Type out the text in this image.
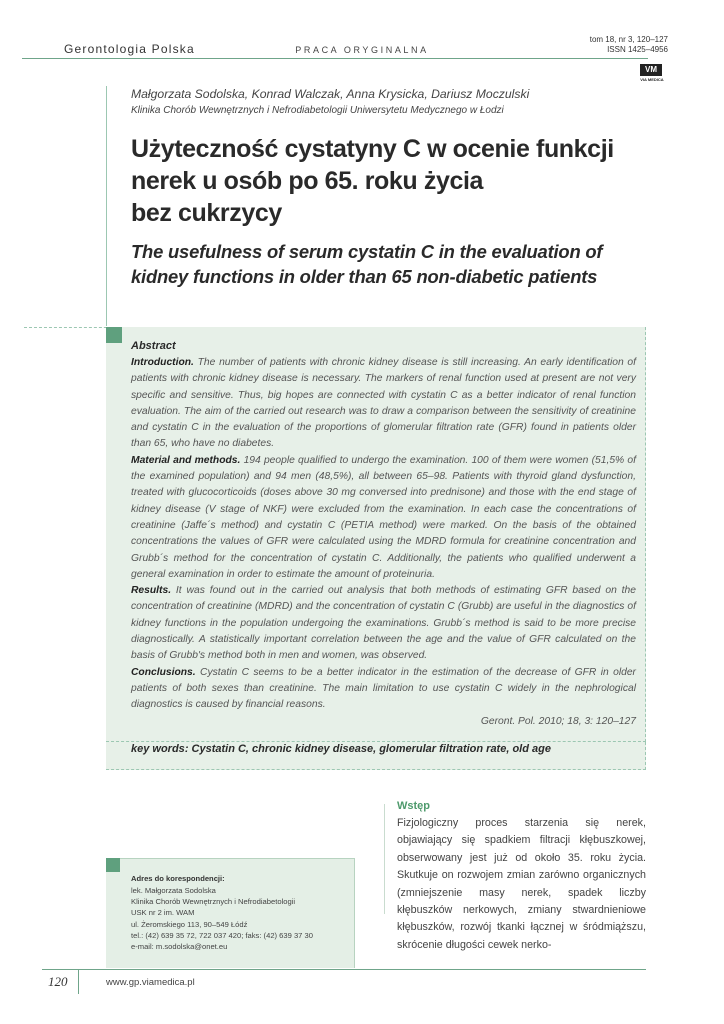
Gerontologia Polska	PRACA ORYGINALNA
tom 18, nr 3, 120–127
ISSN 1425–4956
VM
VIA MEDICA
Małgorzata Sodolska, Konrad Walczak, Anna Krysicka, Dariusz Moczulski
Klinika Chorób Wewnętrznych i Nefrodiabetologii Uniwersytetu Medycznego w Łodzi
Użyteczność cystatyny C w ocenie funkcji
nerek u osób po 65. roku życia
bez cukrzycy
The usefulness of serum cystatin C in the evaluation of
kidney functions in older than 65 non-diabetic patients
Abstract

Introduction. The number of patients with chronic kidney disease is still increasing. An early identification of patients with chronic kidney disease is necessary. The markers of renal function used at present are not very specific and sensitive. Thus, big hopes are connected with cystatin C as a better indicator of renal function evaluation. The aim of the carried out research was to draw a comparison between the sensitivity of creatinine and cystatin C in the evaluation of the proportions of glomerular filtration rate (GFR) found in patients older than 65, who have no diabetes.

Material and methods. 194 people qualified to undergo the examination. 100 of them were women (51,5% of the examined population) and 94 men (48,5%), all between 65–98. Patients with thyroid gland dysfunction, treated with glucocorticoids (doses above 30 mg conversed into prednisone) and those with the end stage of kidney disease (V stage of NKF) were excluded from the examination. In each case the concentrations of creatinine (Jaffe´s method) and cystatin C (PETIA method) were marked. On the basis of the obtained concentrations the values of GFR were calculated using the MDRD formula for creatinine concentration and Grubb´s method for the concentration of cystatin C. Additionally, the patients who qualified underwent a general examination in order to estimate the amount of proteinuria.

Results. It was found out in the carried out analysis that both methods of estimating GFR based on the concentration of creatinine (MDRD) and the concentration of cystatin C (Grubb) are useful in the diagnostics of kidney functions in the population undergoing the examinations. Grubb´s method is said to be more precise diagnostically. A statistically important correlation between the age and the value of GFR calculated on the basis of Grubb's method both in men and women, was observed.

Conclusions. Cystatin C seems to be a better indicator in the estimation of the decrease of GFR in older patients of both sexes than creatinine. The main limitation to use cystatin C widely in the nephrological diagnostics is caused by financial reasons.

Geront. Pol. 2010; 18, 3: 120–127
key words: Cystatin C, chronic kidney disease, glomerular filtration rate, old age
Wstęp
Fizjologiczny proces starzenia się nerek, objawiający się spadkiem filtracji kłębuszkowej, obserwowany jest już od około 35. roku życia. Skutkuje on rozwojem zmian zarówno organicznych (zmniejszenie masy nerek, spadek liczby kłębuszków nerkowych, zmiany stwardnieniowe kłębuszków, rozwój tkanki łącznej w śródmiąższu, skrócenie długości cewek nerko-
Adres do korespondencji:
lek. Małgorzata Sodolska
Klinika Chorób Wewnętrznych i Nefrodiabetologii
USK nr 2 im. WAM
ul. Żeromskiego 113, 90–549 Łódź
tel.: (42) 639 35 72, 722 037 420; faks: (42) 639 37 30
e-mail: m.sodolska@onet.eu
120	www.gp.viamedica.pl
